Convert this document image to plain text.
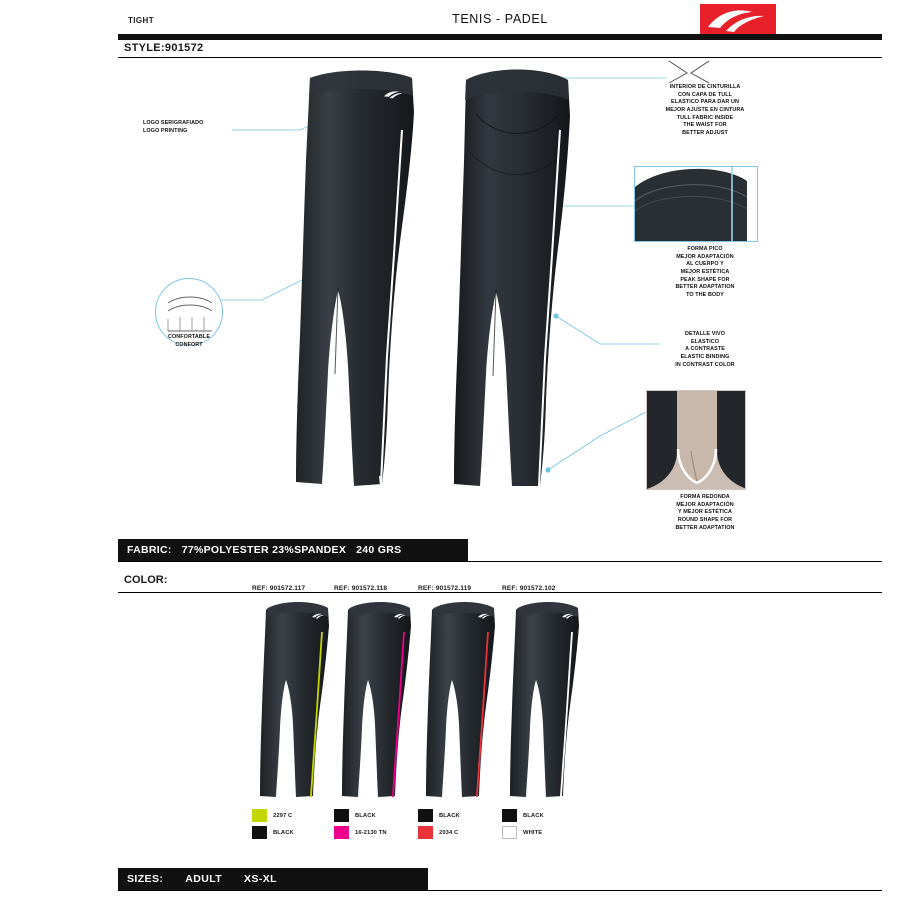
TIGHT	TENIS - PADEL
STYLE:901572
INTERIOR DE CINTURILLA
CON CAPA DE TULL
ELASTICO PARA DAR UN
MEJOR AJUSTE EN CINTURA
TULL FABRIC INSIDE
THE WAIST FOR
BETTER ADJUST
LOGO SERIGRAFIADO
LOGO PRINTING
FORMA PICO
MEJOR ADAPTACIÓN
AL CUERPO Y
MEJOR ESTÉTICA
PEAK SHAPE FOR
BETTER ADAPTATION
TO THE BODY
DETALLE VIVO
ELASTICO
A CONTRASTE
ELASTIC BINDING
IN CONTRAST COLOR
CONFORTABLE
CONFORT
FORMA REDONDA
MEJOR ADAPTACIÓN
Y MEJOR ESTÉTICA
ROUND SHAPE FOR
BETTER ADAPTATION
FABRIC: 77%POLYESTER 23%SPANDEX 240 GRS
COLOR:
REF: 901572.117
2297 C
BLACK
REF: 901572.118
BLACK
16-2130 TN
REF: 901572.119
BLACK
2034 C
REF: 901572.102
BLACK
WHITE
SIZES: ADULT XS-XL
